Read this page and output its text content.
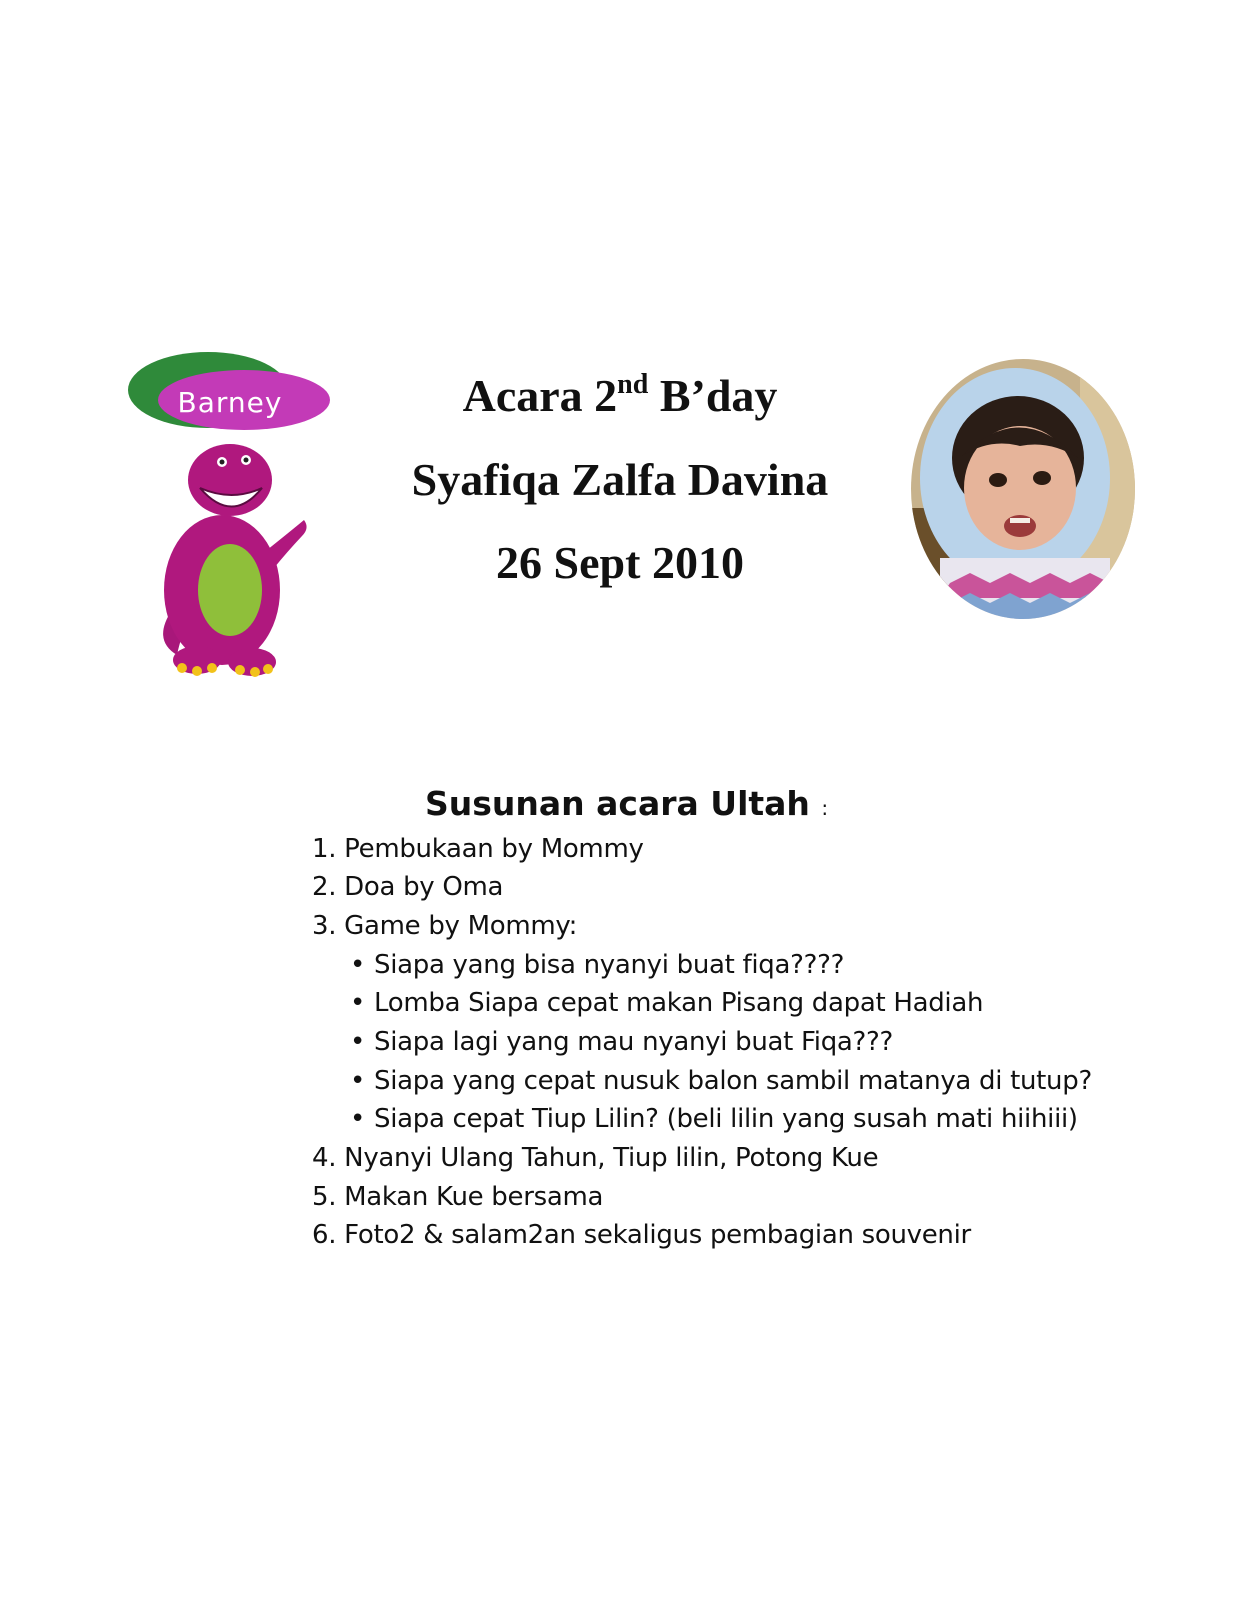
Barney	Acara 2nd B’day
Syafiqa Zalfa Davina
26 Sept 2010
Susunan acara Ultah :
1. Pembukaan by Mommy
2. Doa by Oma
3. Game by Mommy:
• Siapa yang bisa nyanyi buat fiqa????
• Lomba Siapa cepat makan Pisang dapat Hadiah
• Siapa lagi yang mau nyanyi buat Fiqa???
• Siapa yang cepat nusuk balon sambil matanya di tutup?
• Siapa cepat Tiup Lilin? (beli lilin yang susah mati hiihiii)
4. Nyanyi Ulang Tahun, Tiup lilin, Potong Kue
5. Makan Kue bersama
6. Foto2 & salam2an sekaligus pembagian souvenir
